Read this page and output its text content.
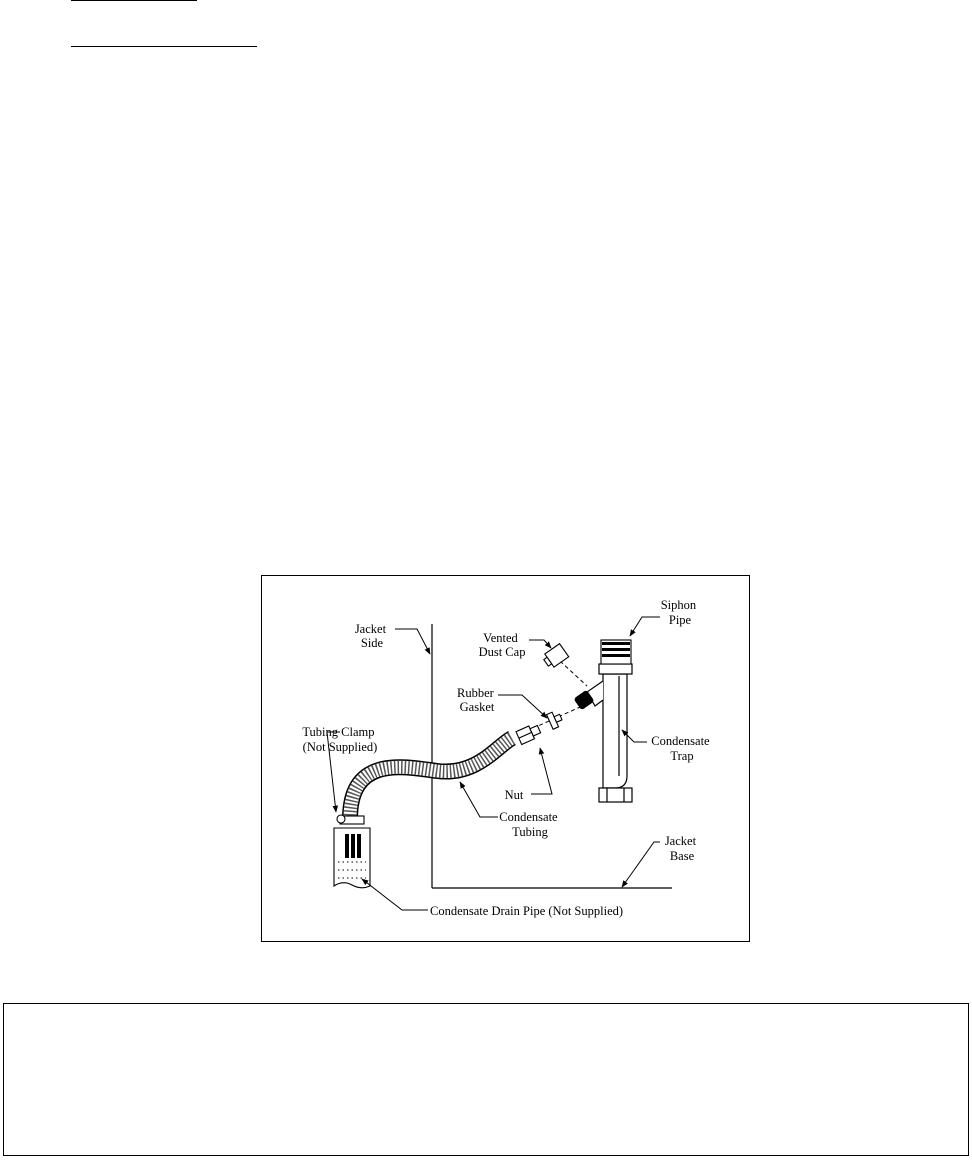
Siphon Pipe
Jacket Side	Vented Dust Cap
Rubber Gasket
Tubing Clamp (Not Supplied)	Condensate Trap
Nut
Condensate Tubing
Jacket Base
Condensate Drain Pipe (Not Supplied)
